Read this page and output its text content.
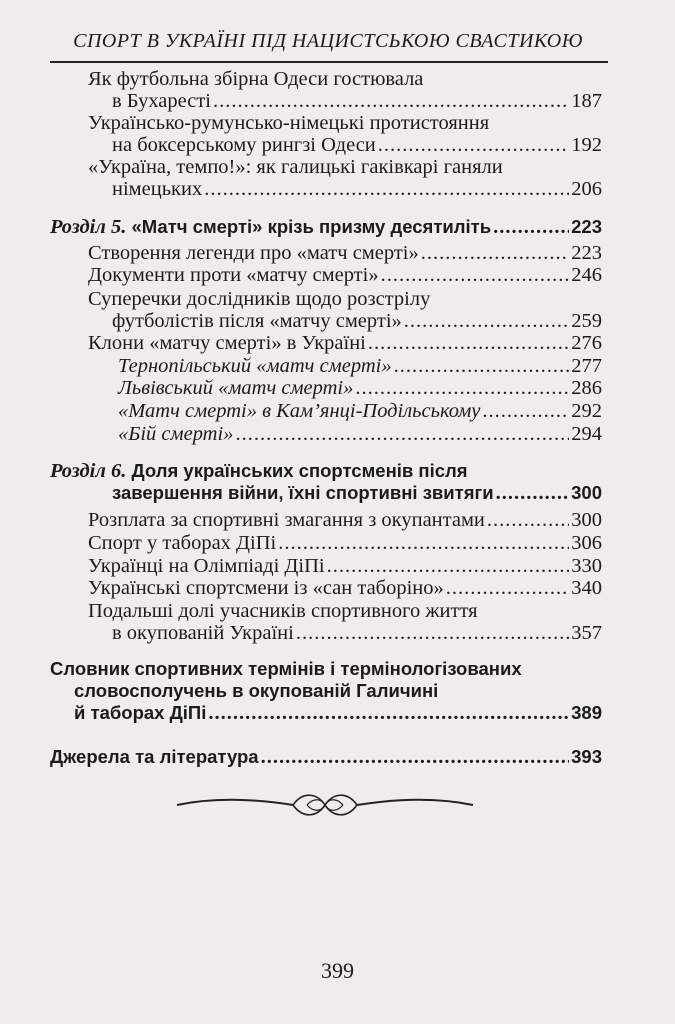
СПОРТ В УКРАЇНІ ПІД НАЦИСТСЬКОЮ СВАСТИКОЮ
Як футбольна збірна Одеси гостювала
в Бухаресті .....	187
Українсько-румунсько-німецькі протистояння
на боксерському рингзі Одеси .....	192
«Україна, темпо!»: як галицькі гаківкарі ганяли
німецьких .....	206
Розділ 5. «Матч смерті» крізь призму десятиліть .....	223
Створення легенди про «матч смерті» .....	223
Документи проти «матчу смерті» .....	246
Суперечки дослідників щодо розстрілу
футболістів після «матчу смерті» .....	259
Клони «матчу смерті» в Україні .....	276
Тернопільський «матч смерті» .....	277
Львівський «матч смерті» .....	286
«Матч смерті» в Кам’янці-Подільському .....	292
«Бій смерті» .....	294
Розділ 6. Доля українських спортсменів після
завершення війни, їхні спортивні звитяги .....	300
Розплата за спортивні змагання з окупантами .....	300
Спорт у таборах ДіПі .....	306
Українці на Олімпіаді ДіПі .....	330
Українські спортсмени із «сан таборіно» .....	340
Подальші долі учасників спортивного життя
в окупованій Україні .....	357
Словник спортивних термінів і термінологізованих
словосполучень в окупованій Галичині
й таборах ДіПі .....	389
Джерела та література .....	393
399
